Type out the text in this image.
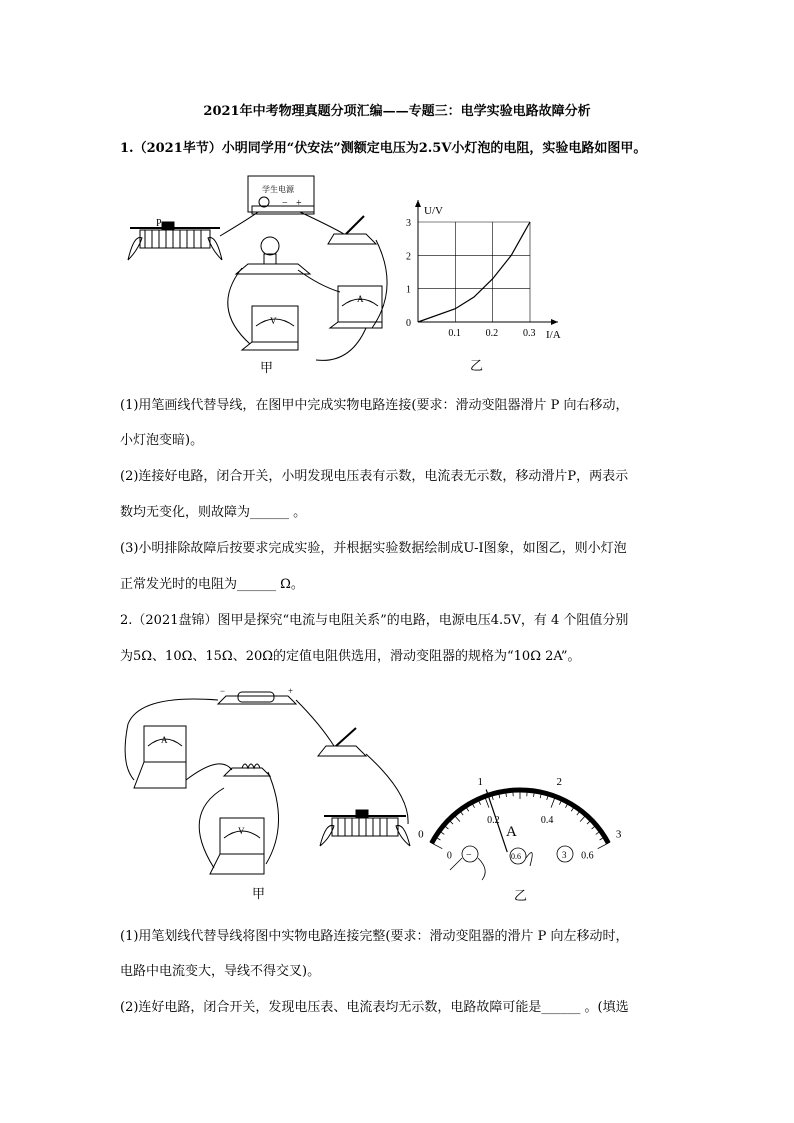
2021年中考物理真题分项汇编——专题三：电学实验电路故障分析
1.（2021毕节）小明同学用“伏安法”测额定电压为2.5V小灯泡的电阻，实验电路如图甲。
学生电源
− +
P
A
V
甲
U/V
I/A
0.1 0.2 0.3
0
1
2
3
乙
(1)用笔画线代替导线，在图甲中完成实物电路连接(要求：滑动变阻器滑片 P 向右移动，
小灯泡变暗)。
(2)连接好电路，闭合开关，小明发现电压表有示数，电流表无示数，移动滑片P，两表示
数均无变化，则故障为______ 。
(3)小明排除故障后按要求完成实验，并根据实验数据绘制成U-I图象，如图乙，则小灯泡
正常发光时的电阻为______ Ω。
2.（2021盘锦）图甲是探究“电流与电阻关系”的电路，电源电压4.5V，有 4 个阻值分别
为5Ω、10Ω、15Ω、20Ω的定值电阻供选用，滑动变阻器的规格为“10Ω 2A”。
−	+
A
V
甲
0
1	2
3
0
0.2	0.4
0.6
A
−	0.6	3
乙
(1)用笔划线代替导线将图中实物电路连接完整(要求：滑动变阻器的滑片 P 向左移动时，
电路中电流变大，导线不得交叉)。
(2)连好电路，闭合开关，发现电压表、电流表均无示数，电路故障可能是______ 。(填选
